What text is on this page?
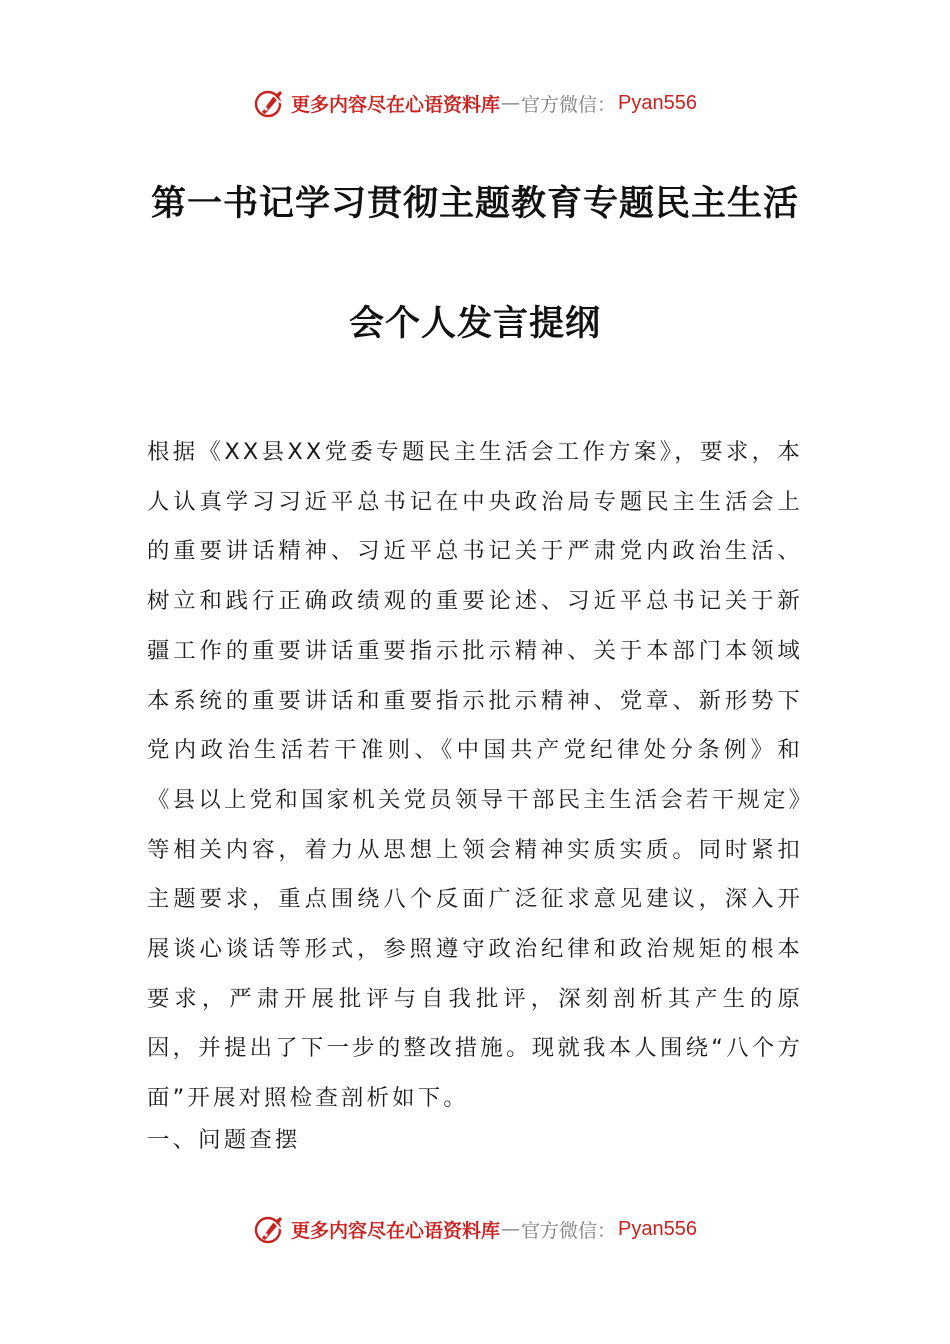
更多内容尽在心语资料库 — 官方微信： Pyan556
第一书记学习贯彻主题教育专题民主生活
会个人发言提纲

根据《XX县XX党委专题民主生活会工作方案》，要求，本人认真学习习近平总书记在中央政治局专题民主生活会上的重要讲话精神、习近平总书记关于严肃党内政治生活、树立和践行正确政绩观的重要论述、习近平总书记关于新疆工作的重要讲话重要指示批示精神、关于本部门本领域本系统的重要讲话和重要指示批示精神、党章、新形势下党内政治生活若干准则、《中国共产党纪律处分条例》和《县以上党和国家机关党员领导干部民主生活会若干规定》等相关内容，着力从思想上领会精神实质实质。同时紧扣主题要求，重点围绕八个反面广泛征求意见建议，深入开展谈心谈话等形式，参照遵守政治纪律和政治规矩的根本要求，严肃开展批评与自我批评，深刻剖析其产生的原因，并提出了下一步的整改措施。现就我本人围绕“八个方面”开展对照检查剖析如下。

一、问题查摆
更多内容尽在心语资料库 — 官方微信： Pyan556
